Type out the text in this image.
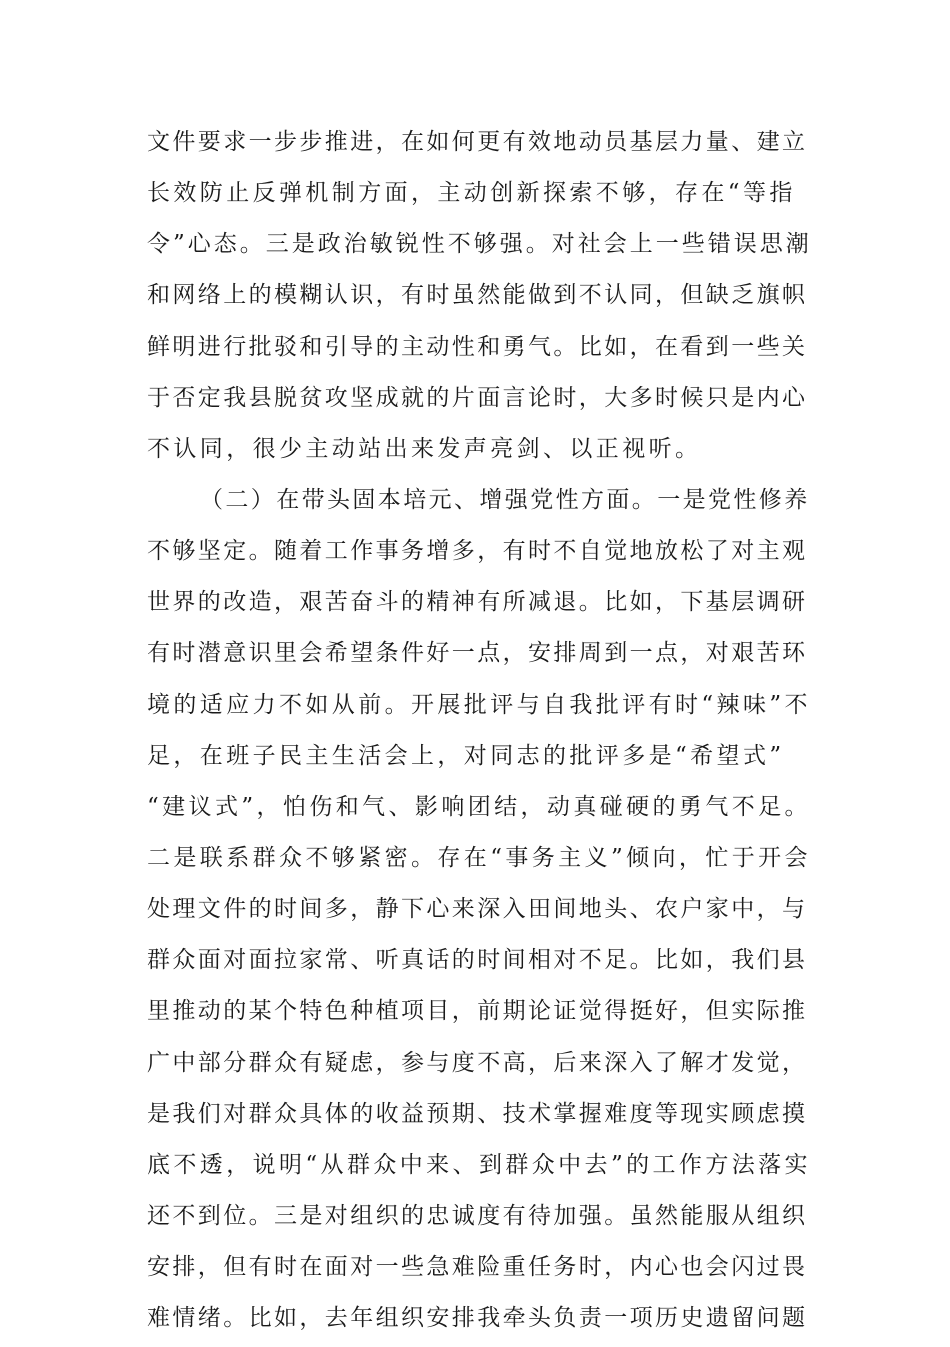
文件要求一步步推进，在如何更有效地动员基层力量、建立
长效防止反弹机制方面，主动创新探索不够，存在“等指
令”心态。三是政治敏锐性不够强。对社会上一些错误思潮
和网络上的模糊认识，有时虽然能做到不认同，但缺乏旗帜
鲜明进行批驳和引导的主动性和勇气。比如，在看到一些关
于否定我县脱贫攻坚成就的片面言论时，大多时候只是内心
不认同，很少主动站出来发声亮剑、以正视听。
（二）在带头固本培元、增强党性方面。一是党性修养
不够坚定。随着工作事务增多，有时不自觉地放松了对主观
世界的改造，艰苦奋斗的精神有所减退。比如，下基层调研
有时潜意识里会希望条件好一点，安排周到一点，对艰苦环
境的适应力不如从前。开展批评与自我批评有时“辣味”不
足，在班子民主生活会上，对同志的批评多是“希望式”
“建议式”，怕伤和气、影响团结，动真碰硬的勇气不足。
二是联系群众不够紧密。存在“事务主义”倾向，忙于开会
处理文件的时间多，静下心来深入田间地头、农户家中，与
群众面对面拉家常、听真话的时间相对不足。比如，我们县
里推动的某个特色种植项目，前期论证觉得挺好，但实际推
广中部分群众有疑虑，参与度不高，后来深入了解才发觉，
是我们对群众具体的收益预期、技术掌握难度等现实顾虑摸
底不透，说明“从群众中来、到群众中去”的工作方法落实
还不到位。三是对组织的忠诚度有待加强。虽然能服从组织
安排，但有时在面对一些急难险重任务时，内心也会闪过畏
难情绪。比如，去年组织安排我牵头负责一项历史遗留问题
